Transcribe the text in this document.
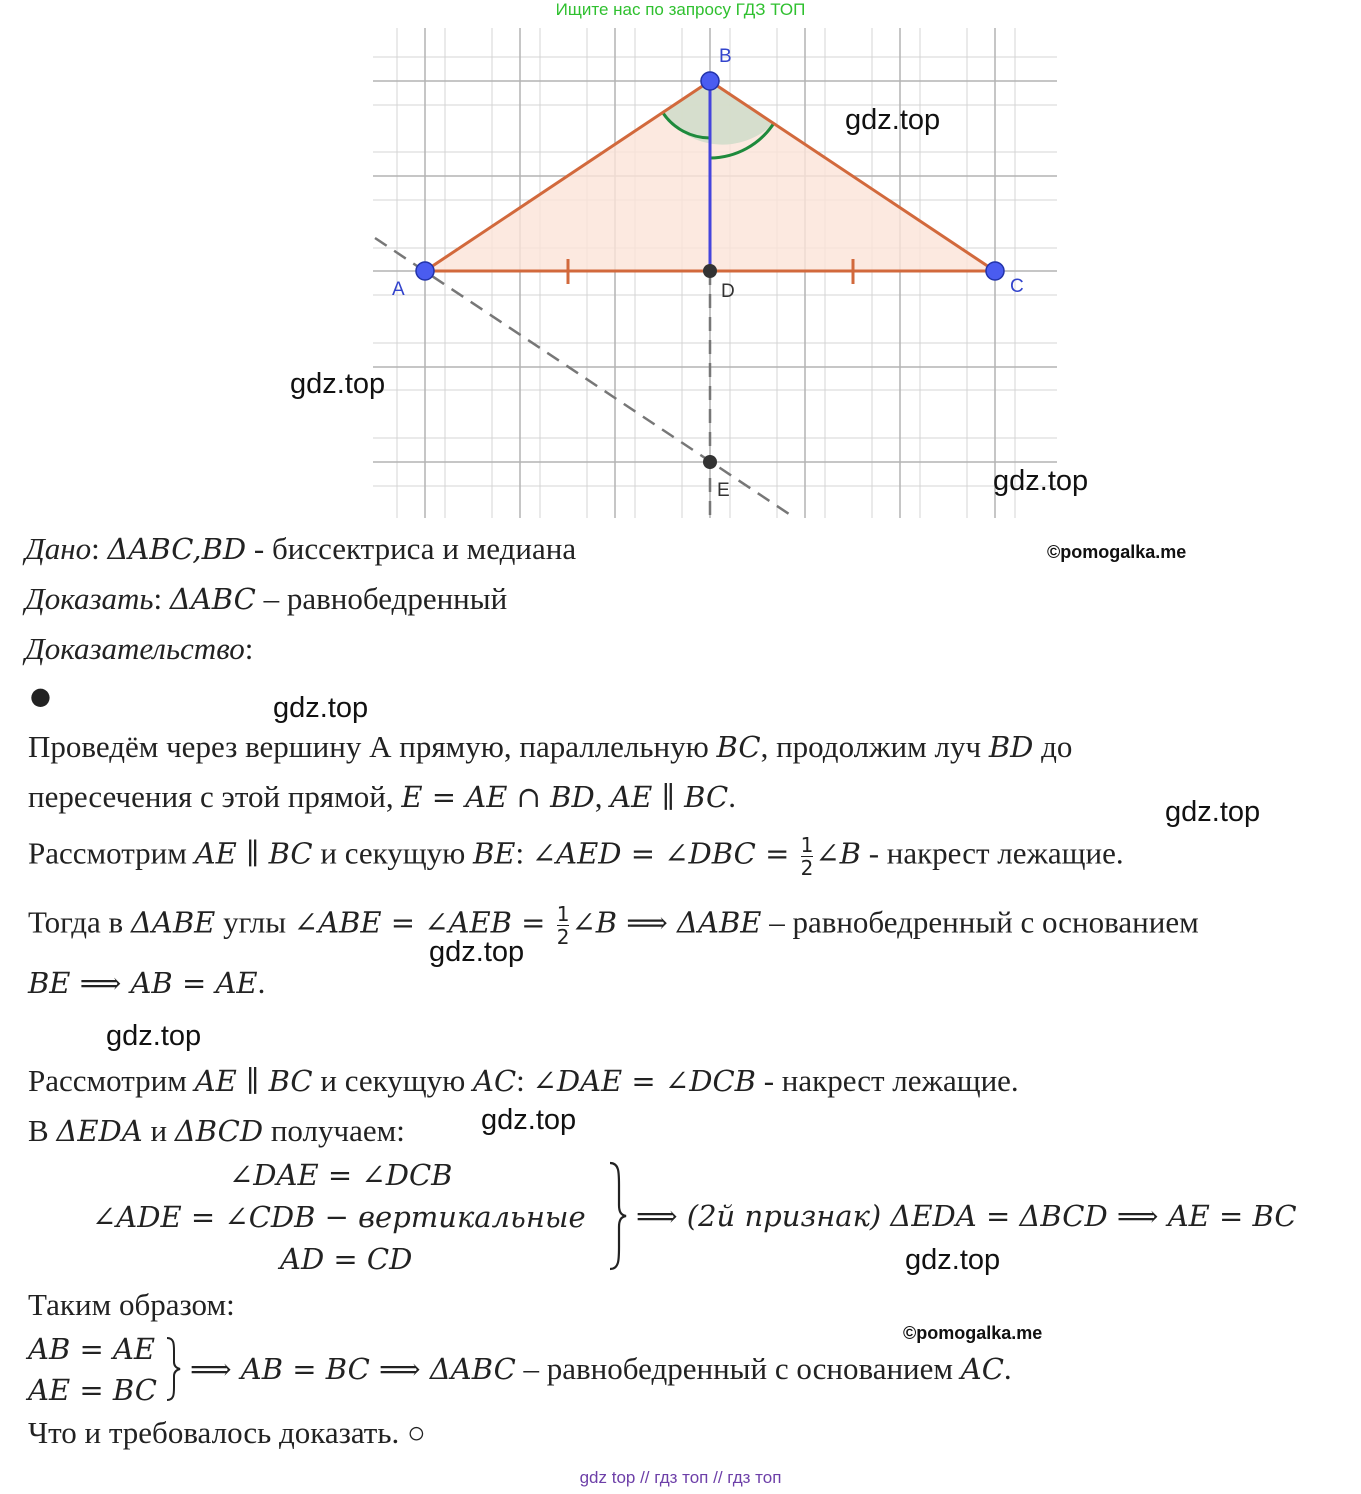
Ищите нас по запросу ГДЗ ТОП
A
B
C
D
E
gdz.top
gdz.top
gdz.top
gdz.top
gdz.top
gdz.top
gdz.top
gdz.top
gdz.top
©pomogalka.me
©pomogalka.me
Дано: ΔABC,BD - биссектриса и медиана
Доказать: ΔABC – равнобедренный
Доказательство:
●
Проведём через вершину А прямую, параллельную BC, продолжим луч BD до
пересечения с этой прямой, E = AE ∩ BD, AE ∥ BC.
Рассмотрим AE ∥ BC и секущую BE: ∠AED = ∠DBC = $\frac{1}{2}$ ∠B - накрест лежащие.
Тогда в ΔABE углы ∠ABE = ∠AEB = $\frac{1}{2}$ ∠B ⟹ ΔABE – равнобедренный с основанием
BE ⟹ AB = AE.
Рассмотрим AE ∥ BC и секущую AC: ∠DAE = ∠DCB - накрест лежащие.
В ΔEDA и ΔBCD получаем:
∠DAE = ∠DCB
∠ADE = ∠CDB − вертикальные
AD = CD
⟹ (2й признак) ΔEDA = ΔBCD ⟹ AE = BC
Таким образом:
AB = AE
AE = BC
⟹ AB = BC ⟹ ΔABC – равнобедренный с основанием AC.
Что и требовалось доказать. ○
gdz top // гдз топ // гдз топ
